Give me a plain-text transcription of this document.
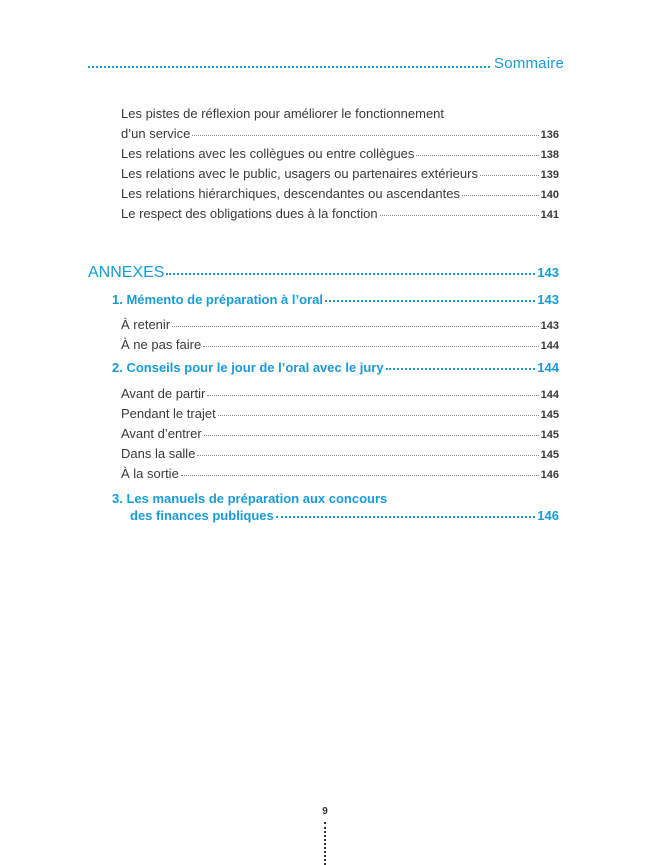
Sommaire
Les pistes de réflexion pour améliorer le fonctionnement
d’un service	136
Les relations avec les collègues ou entre collègues	138
Les relations avec le public, usagers ou partenaires extérieurs	139
Les relations hiérarchiques, descendantes ou ascendantes	140
Le respect des obligations dues à la fonction	141
ANNEXES	143
1. Mémento de préparation à l’oral	143
À retenir	143
À ne pas faire	144
2. Conseils pour le jour de l’oral avec le jury	144
Avant de partir	144
Pendant le trajet	145
Avant d’entrer	145
Dans la salle	145
À la sortie	146
3. Les manuels de préparation aux concours
des finances publiques	146
9
